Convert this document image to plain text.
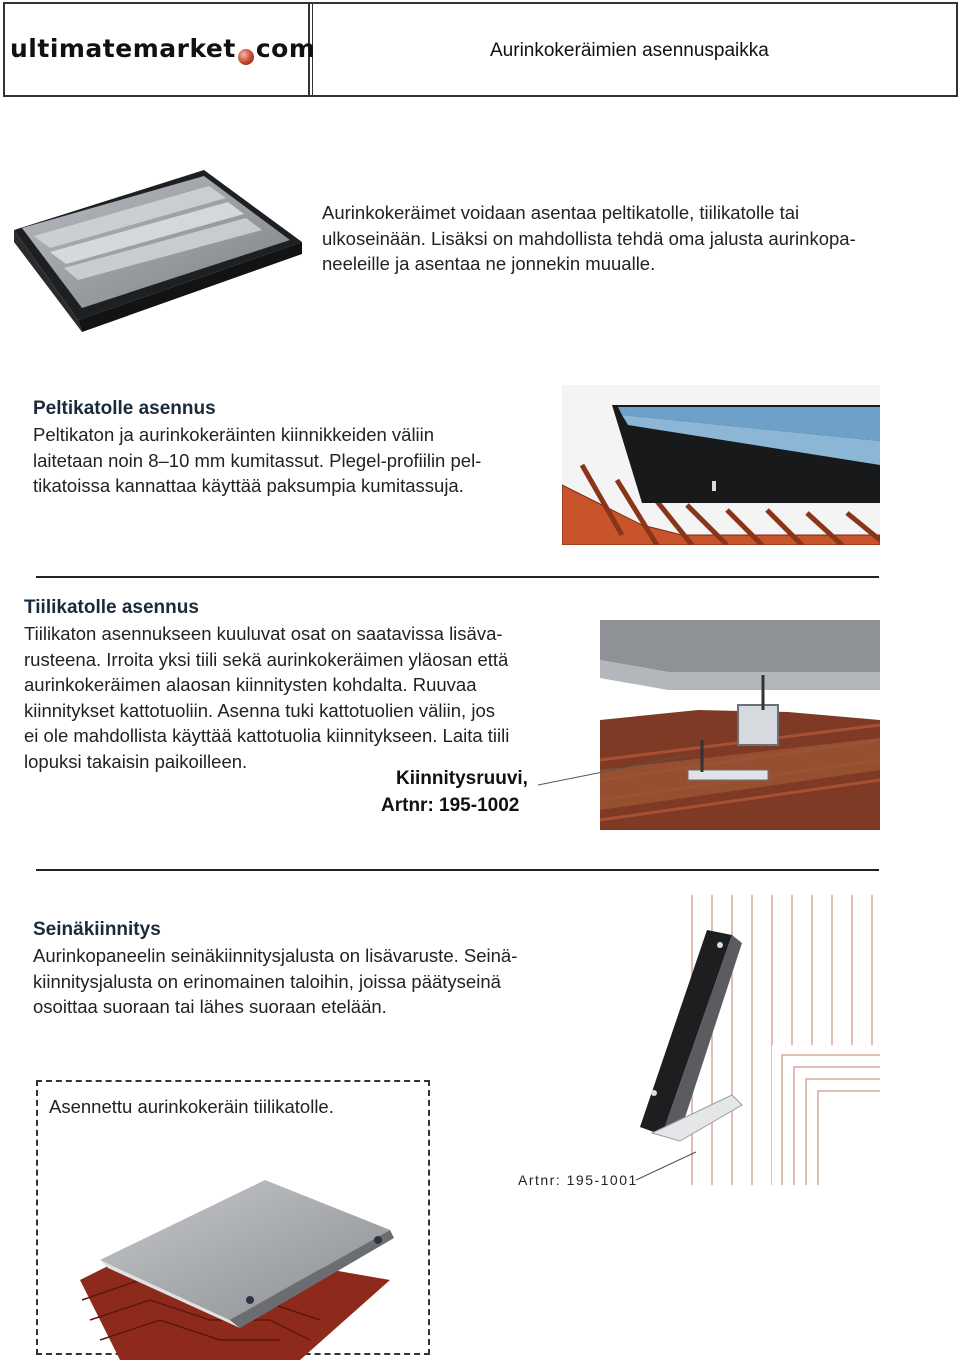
ultimatemarket com	Aurinkokeräimien asennuspaikka
Aurinkokeräimet voidaan asentaa peltikatolle, tiilikatolle tai
ulkoseinään. Lisäksi on mahdollista tehdä oma jalusta aurinkopa-
neeleille ja asentaa ne jonnekin muualle.
Peltikatolle asennus
Peltikaton ja aurinkokeräinten kiinnikkeiden väliin
laitetaan noin 8–10 mm kumitassut. Plegel-profiilin pel-
tikatoissa kannattaa käyttää paksumpia kumitassuja.
Tiilikatolle asennus
Tiilikaton asennukseen kuuluvat osat on saatavissa lisäva-
rusteena. Irroita yksi tiili sekä aurinkokeräimen yläosan että
aurinkokeräimen alaosan kiinnitysten kohdalta. Ruuvaa
kiinnitykset kattotuoliin. Asenna tuki kattotuolien väliin, jos
ei ole mahdollista käyttää kattotuolia kiinnitykseen. Laita tiili
lopuksi takaisin paikoilleen.
Kiinnitysruuvi,
Artnr: 195-1002
Seinäkiinnitys
Aurinkopaneelin seinäkiinnitysjalusta on lisävaruste. Seinä-
kiinnitysjalusta on erinomainen taloihin, joissa päätyseinä
osoittaa suoraan tai lähes suoraan etelään.
Artnr: 195-1001
Asennettu aurinkokeräin tiilikatolle.
